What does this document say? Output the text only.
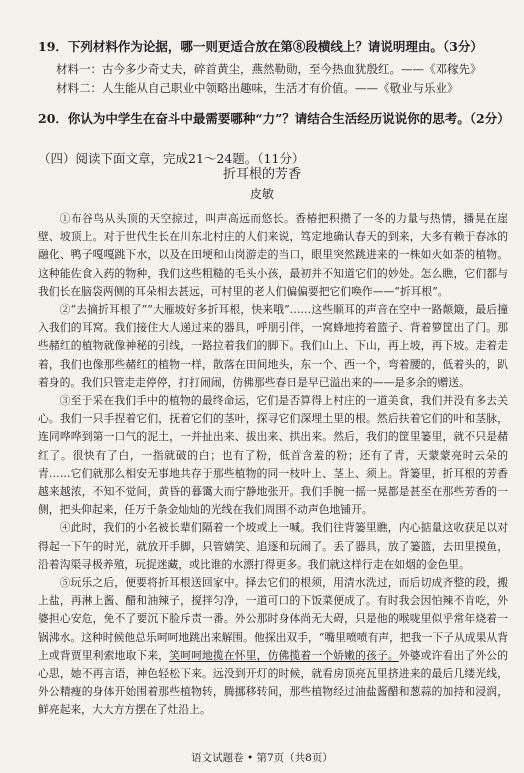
19．下列材料作为论据，哪一则更适合放在第⑧段横线上？请说明理由。（3分）
材料一：古今多少奇丈夫，碎首黄尘，燕然勒勋，至今热血犹殷红。——《邓稼先》
材料二：人生能从自己职业中领略出趣味，生活才有价值。——《敬业与乐业》
20．你认为中学生在奋斗中最需要哪种“力”？请结合生活经历说说你的思考。（2分）
（四）阅读下面文章，完成21～24题。（11分）
折耳根的芳香
皮敏

①布谷鸟从头顶的天空掠过，叫声高远而悠长。香椿把积攒了一冬的力量与热情，播晃在崖壁、坡顶上。对于世代生长在川东北村庄的人们来说，笃定地确认春天的到来，大多有赖于春冰的融化、鸭子嘎嘎跳下水，以及在田埂和山岗游走的当口，眼里突然跳进来的一株如火如荼的植物。这种能佐食入药的物种，我们这些粗糙的毛头小孩，最初并不知道它们的妙处。怎么瞧，它们都与我们长在脑袋两侧的耳朵相去甚远，可村里的老人们偏偏要把它们唤作——“折耳根”。

②“去摘折耳根了”“大雁坡好多折耳根，快来哦”……这些顺耳的声音在空中一路颠簸，最后撞入我们的耳窝。我们接住大人递过来的器具，呼朋引伴，一窝蜂地挎着篮子、背着箩筐出了门。那些赭红的植物就像神秘的引线，一路拉着我们的脚下。我们山上、下山，再上坡，再下坡。走着走着，我们也像那些赭红的植物一样，散落在田间地头，东一个、西一个，弯着腰的，低着头的，趴着身的。我们只管走走停停，打打闹闹，仿佛那些春日是早已溢出来的——是多余的赠送。

③至于采在我们手中的植物的最终命运，它们是否算得上村庄的一道美食，我们并没有多去关心。我们一只手捏着它们，抚着它们的茎叶，探寻它们深埋土里的根。然后扶着它们的叶和茎脉，连同哗哗到第一口气的泥土，一并扯出来、拔出来、拱出来。然后，我们的筐里篓里，就不只是赭红了。很快有了白，一指就破的白；也有了粉，低首含羞的粉；还有了青，天蒙蒙亮时云朵的青……它们就那么相安无事地共存于那些植物的同一枝叶上、茎上、须上。背篓里，折耳根的芳香越来越浓，不知不觉间，黄昏的暮霭大而宁静地张开。我们手腕一摇一晃都是甚至在那些芳香的一侧，把头仰起来，任万千条金灿灿的光线在我们周围不动声色地铺开。

④此时，我们的小名被长辈们隔着一个坡或上一喊。我们往背篓里瞧，内心掂量这收获足以对得起一下午的时光，就放开手脚，只管婧笑、追逐和玩闹了。丢了器具，放了篓篮，去田里摸鱼，沿着沟渠寻极养殖，玩捉迷藏，或比谁的水漂打得更多。我们就这样行走在如烟的金色里。

⑤玩乐之后，便要将折耳根送回家中。择去它们的根须，用清水洗过，而后切成齐整的段，搬上盐，再淋上酱、醋和油辣子，搅拌匀净，一道可口的下饭菜便成了。有时我会因怕辣不肯吃，外婆担心安危，免不了要沉下脸斥责一番。外公那时身体尚无大碍，只是他的喉咙里似乎常年烧着一锅沸水。这种时候他总乐呵呵地跳出来解围。他探出双手，“嘴里喷喷有声，把我一下子从成果从背上或背贾里利索地取下来，笑呵呵地揽在怀里，仿佛揽着一个娇嫩的孩子。外婆或许看出了外公的心思，她不再言语，神色轻松下来。远没到开灯的时候，就看房顶亮瓦里挤进来的最后几缕光线，外公精瘦的身体开始围着那些植物转，腾挪移转间，那些植物经过油盐酱醋和葱蒜的加持和浸润，鲜亮起来，大大方方摆在了灶沿上。

语文试题卷 • 第7页（共8页）
